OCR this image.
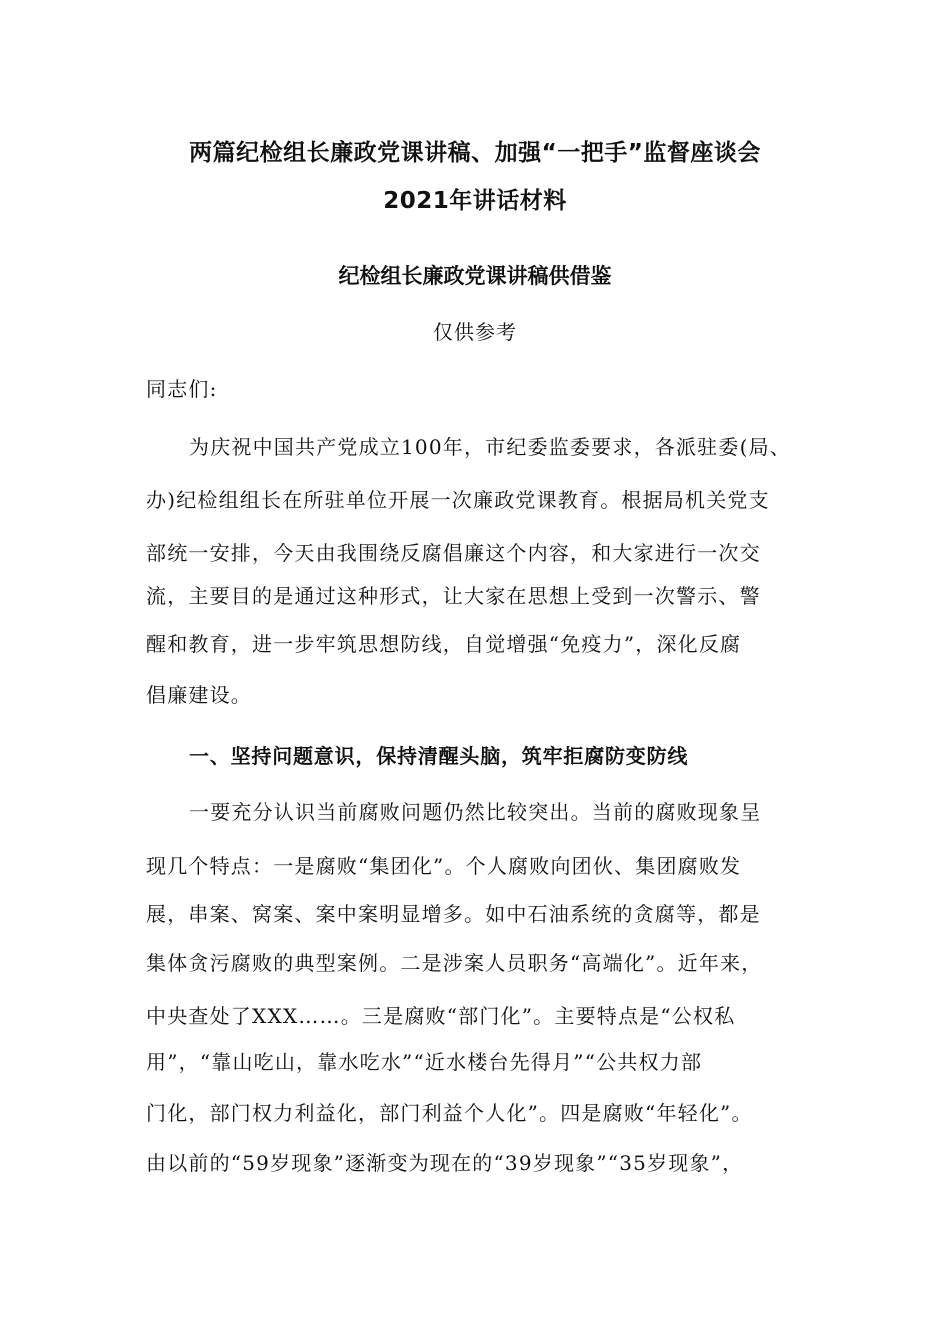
两篇纪检组长廉政党课讲稿、加强“一把手”监督座谈会
2021年讲话材料
纪检组长廉政党课讲稿供借鉴
仅供参考
同志们:
为庆祝中国共产党成立100年，市纪委监委要求，各派驻委(局、
办)纪检组组长在所驻单位开展一次廉政党课教育。根据局机关党支
部统一安排，今天由我围绕反腐倡廉这个内容，和大家进行一次交
流，主要目的是通过这种形式，让大家在思想上受到一次警示、警
醒和教育，进一步牢筑思想防线，自觉增强“免疫力”，深化反腐
倡廉建设。
一、坚持问题意识，保持清醒头脑，筑牢拒腐防变防线
一要充分认识当前腐败问题仍然比较突出。当前的腐败现象呈
现几个特点：一是腐败“集团化”。个人腐败向团伙、集团腐败发
展，串案、窝案、案中案明显增多。如中石油系统的贪腐等，都是
集体贪污腐败的典型案例。二是涉案人员职务“高端化”。近年来，
中央查处了XXX……。三是腐败“部门化”。主要特点是“公权私
用”，“靠山吃山，靠水吃水”“近水楼台先得月”“公共权力部
门化，部门权力利益化，部门利益个人化”。四是腐败“年轻化”。
由以前的“59岁现象”逐渐变为现在的“39岁现象”“35岁现象”，
